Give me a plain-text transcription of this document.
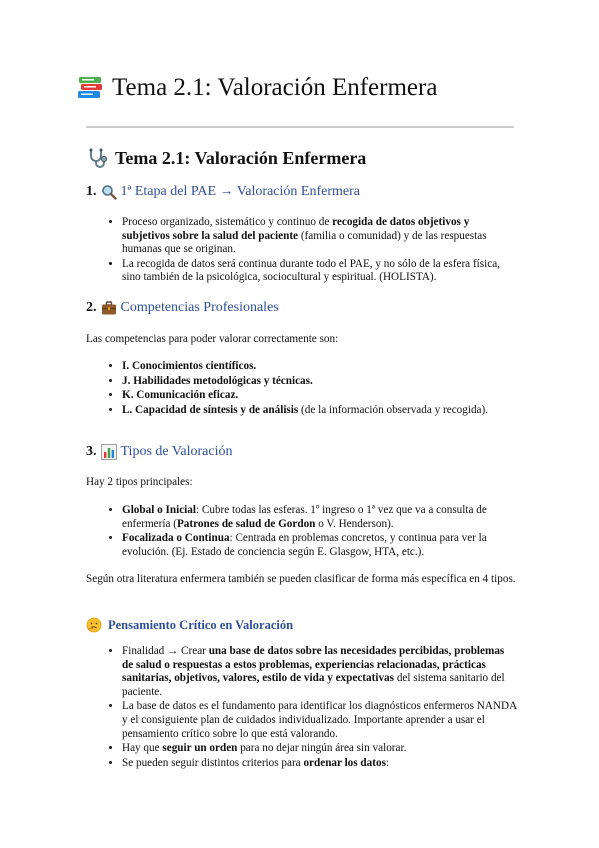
Tema 2.1: Valoración Enfermera
Tema 2.1: Valoración Enfermera
1. 1ª Etapa del PAE → Valoración Enfermera
• Proceso organizado, sistemático y continuo de recogida de datos objetivos y subjetivos sobre la salud del paciente (familia o comunidad) y de las respuestas humanas que se originan.
• La recogida de datos será continua durante todo el PAE, y no sólo de la esfera física, sino también de la psicológica, sociocultural y espiritual. (HOLISTA).
2. Competencias Profesionales

Las competencias para poder valorar correctamente son:

• I. Conocimientos científicos.
• J. Habilidades metodológicas y técnicas.
• K. Comunicación eficaz.
• L. Capacidad de síntesis y de análisis (de la información observada y recogida).
3. Tipos de Valoración

Hay 2 tipos principales:

• Global o Inicial: Cubre todas las esferas. 1º ingreso o 1ª vez que va a consulta de enfermería (Patrones de salud de Gordon o V. Henderson).
• Focalizada o Continua: Centrada en problemas concretos, y continua para ver la evolución. (Ej. Estado de conciencia según E. Glasgow, HTA, etc.).

Según otra literatura enfermera también se pueden clasificar de forma más específica en 4 tipos.

Pensamiento Crítico en Valoración
• Finalidad → Crear una base de datos sobre las necesidades percibidas, problemas de salud o respuestas a estos problemas, experiencias relacionadas, prácticas sanitarias, objetivos, valores, estilo de vida y expectativas del sistema sanitario del paciente.
• La base de datos es el fundamento para identificar los diagnósticos enfermeros NANDA y el consiguiente plan de cuidados individualizado. Importante aprender a usar el pensamiento crítico sobre lo que está valorando.
• Hay que seguir un orden para no dejar ningún área sin valorar.
• Se pueden seguir distintos criterios para ordenar los datos:
